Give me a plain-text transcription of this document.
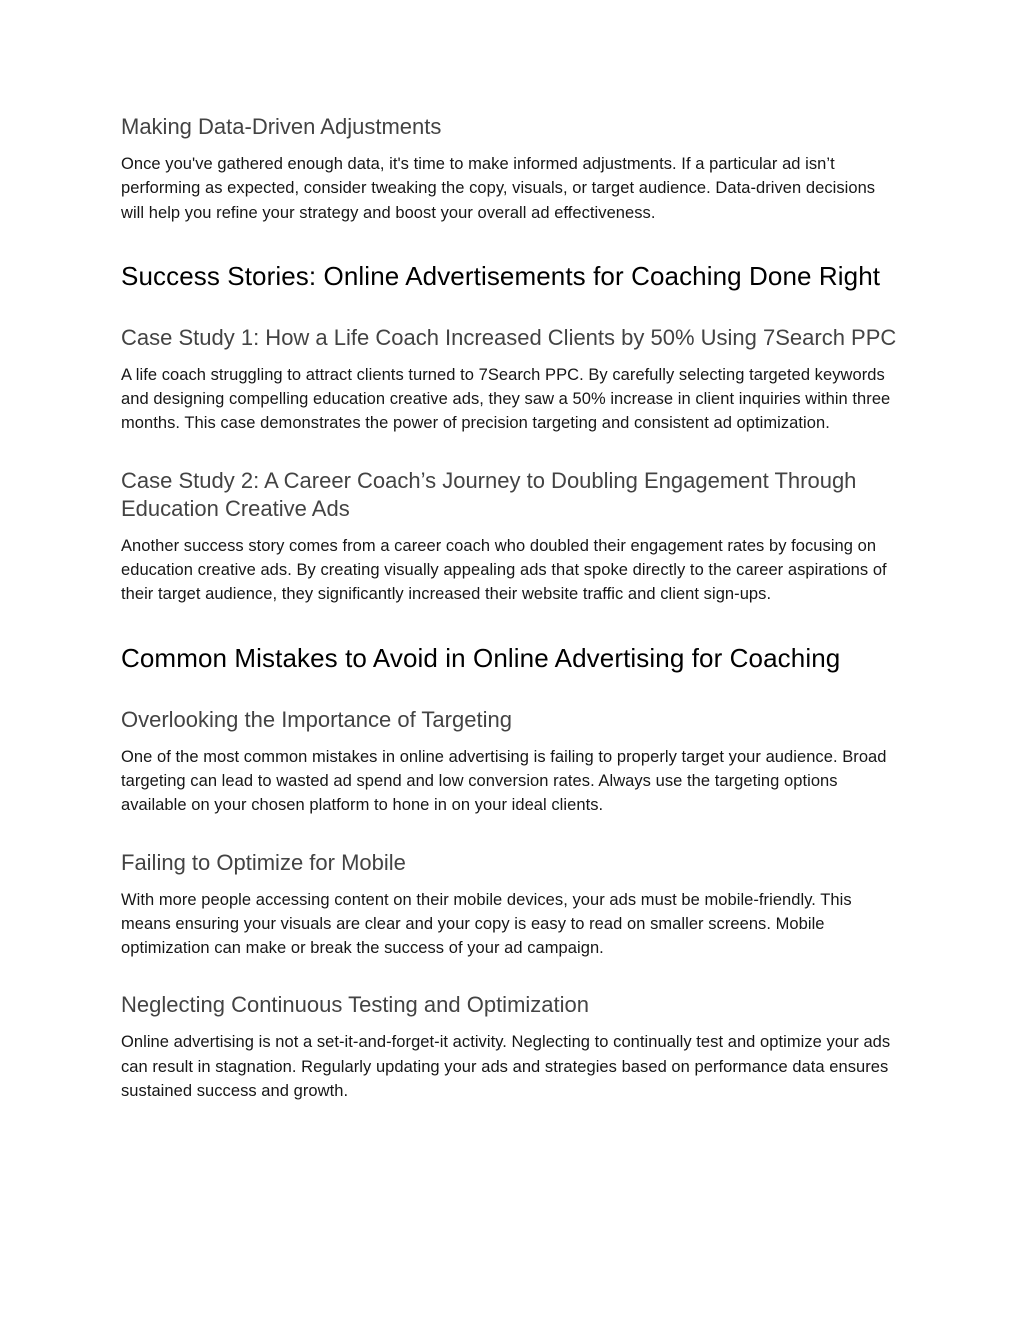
Making Data-Driven Adjustments

Once you've gathered enough data, it's time to make informed adjustments. If a particular ad isn’t performing as expected, consider tweaking the copy, visuals, or target audience. Data-driven decisions will help you refine your strategy and boost your overall ad effectiveness.

Success Stories: Online Advertisements for Coaching Done Right
Case Study 1: How a Life Coach Increased Clients by 50% Using 7Search PPC

A life coach struggling to attract clients turned to 7Search PPC. By carefully selecting targeted keywords and designing compelling education creative ads, they saw a 50% increase in client inquiries within three months. This case demonstrates the power of precision targeting and consistent ad optimization.

Case Study 2: A Career Coach’s Journey to Doubling Engagement Through Education Creative Ads

Another success story comes from a career coach who doubled their engagement rates by focusing on education creative ads. By creating visually appealing ads that spoke directly to the career aspirations of their target audience, they significantly increased their website traffic and client sign-ups.

Common Mistakes to Avoid in Online Advertising for Coaching
Overlooking the Importance of Targeting

One of the most common mistakes in online advertising is failing to properly target your audience. Broad targeting can lead to wasted ad spend and low conversion rates. Always use the targeting options available on your chosen platform to hone in on your ideal clients.

Failing to Optimize for Mobile

With more people accessing content on their mobile devices, your ads must be mobile-friendly. This means ensuring your visuals are clear and your copy is easy to read on smaller screens. Mobile optimization can make or break the success of your ad campaign.

Neglecting Continuous Testing and Optimization

Online advertising is not a set-it-and-forget-it activity. Neglecting to continually test and optimize your ads can result in stagnation. Regularly updating your ads and strategies based on performance data ensures sustained success and growth.
